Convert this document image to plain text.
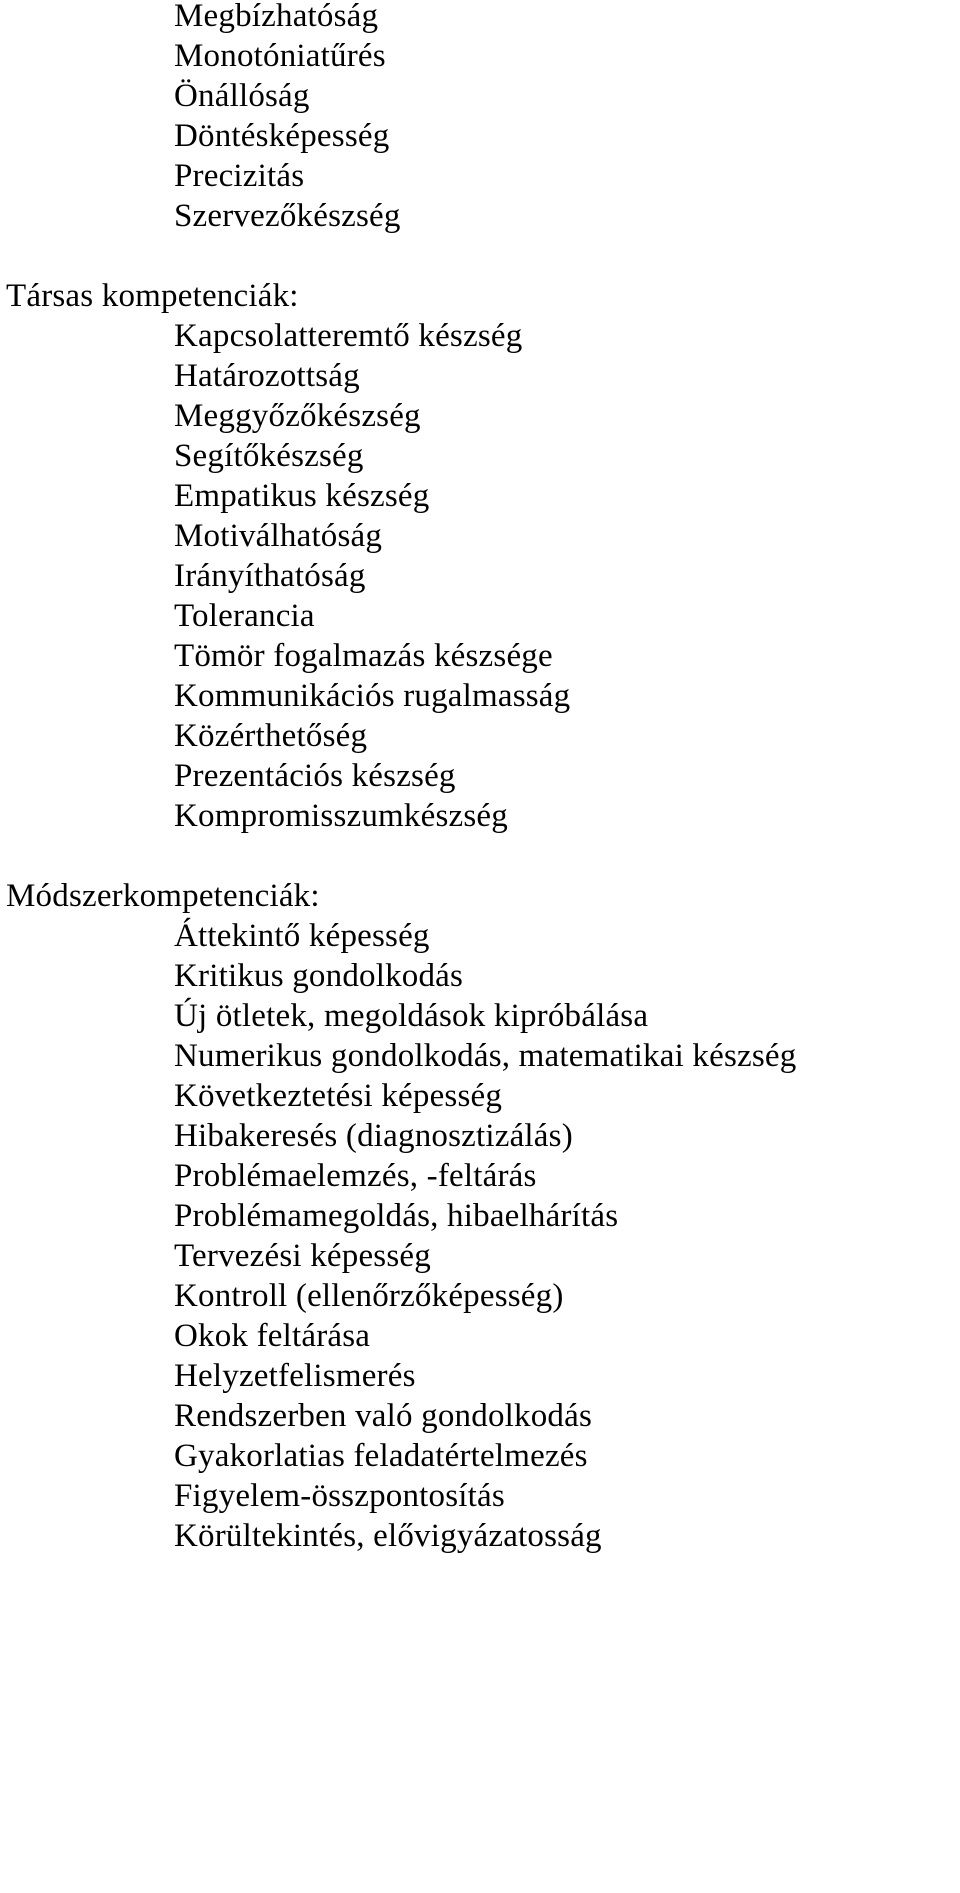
Megbízhatóság
Monotóniatűrés
Önállóság
Döntésképesség
Precizitás
Szervezőkészség
Társas kompetenciák:
Kapcsolatteremtő készség
Határozottság
Meggyőzőkészség
Segítőkészség
Empatikus készség
Motiválhatóság
Irányíthatóság
Tolerancia
Tömör fogalmazás készsége
Kommunikációs rugalmasság
Közérthetőség
Prezentációs készség
Kompromisszumkészség
Módszerkompetenciák:
Áttekintő képesség
Kritikus gondolkodás
Új ötletek, megoldások kipróbálása
Numerikus gondolkodás, matematikai készség
Következtetési képesség
Hibakeresés (diagnosztizálás)
Problémaelemzés, -feltárás
Problémamegoldás, hibaelhárítás
Tervezési képesség
Kontroll (ellenőrzőképesség)
Okok feltárása
Helyzetfelismerés
Rendszerben való gondolkodás
Gyakorlatias feladatértelmezés
Figyelem-összpontosítás
Körültekintés, elővigyázatosság
